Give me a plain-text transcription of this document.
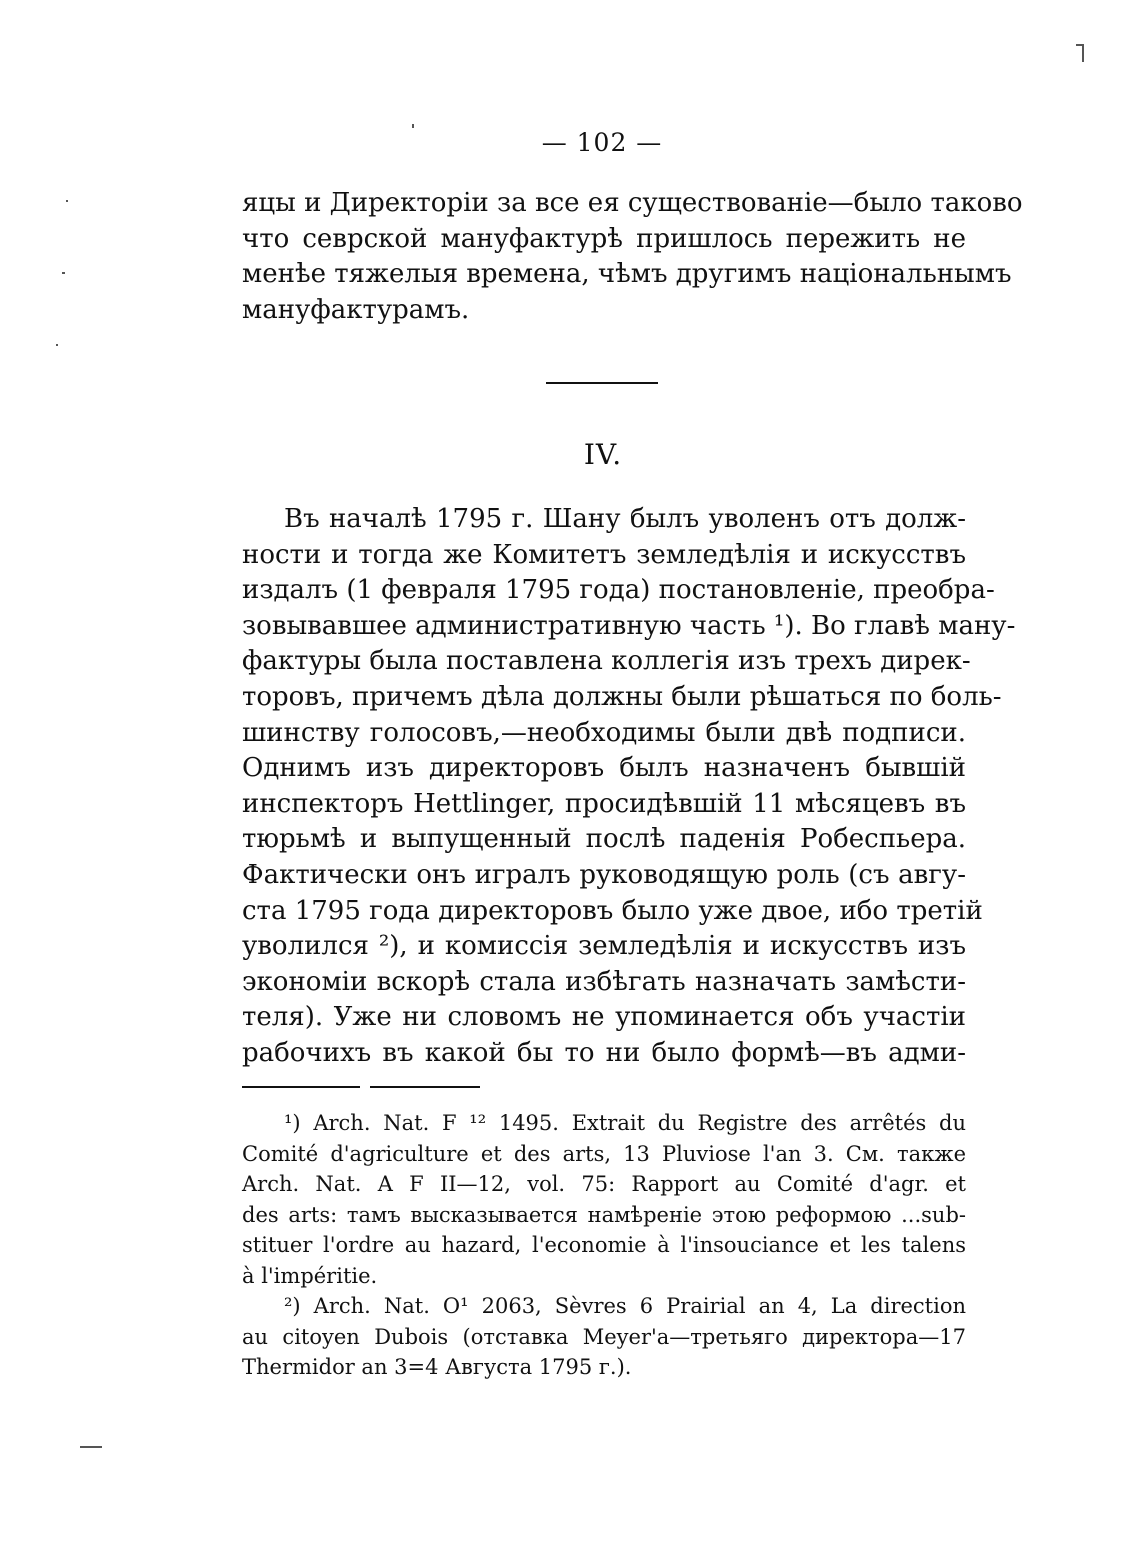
— 102 —
яцы и Директоріи за все ея существованіе—было таково
что севрской мануфактурѣ пришлось пережить не
менѣе тяжелыя времена, чѣмъ другимъ національнымъ
мануфактурамъ.
IV.
Въ началѣ 1795 г. Шану былъ уволенъ отъ долж-
ности и тогда же Комитетъ земледѣлія и искусствъ
издалъ (1 февраля 1795 года) постановленіе, преобра-
зовывавшее административную часть ¹). Во главѣ ману-
фактуры была поставлена коллегія изъ трехъ дирек-
торовъ, причемъ дѣла должны были рѣшаться по боль-
шинству голосовъ,—необходимы были двѣ подписи.
Однимъ изъ директоровъ былъ назначенъ бывшій
инспекторъ Hettlinger, просидѣвшій 11 мѣсяцевъ въ
тюрьмѣ и выпущенный послѣ паденія Робеспьера.
Фактически онъ игралъ руководящую роль (съ авгу-
ста 1795 года директоровъ было уже двое, ибо третій
уволился ²), и комиссія земледѣлія и искусствъ изъ
экономіи вскорѣ стала избѣгать назначать замѣсти-
теля). Уже ни словомъ не упоминается объ участіи
рабочихъ въ какой бы то ни было формѣ—въ адми-
¹) Arch. Nat. F ¹² 1495. Extrait du Registre des arrêtés du
Comité d'agriculture et des arts, 13 Pluviose l'an 3. См. также
Arch. Nat. A F II—12, vol. 75: Rapport au Comité d'agr. et
des arts: тамъ высказывается намѣреніе этою реформою ...sub-
stituer l'ordre au hazard, l'economie à l'insouciance et les talens
à l'impéritie.
²) Arch. Nat. O¹ 2063, Sèvres 6 Prairial an 4, La direction
au citoyen Dubois (отставка Meyer'а—третьяго директора—17
Thermidor an 3=4 Августа 1795 г.).
